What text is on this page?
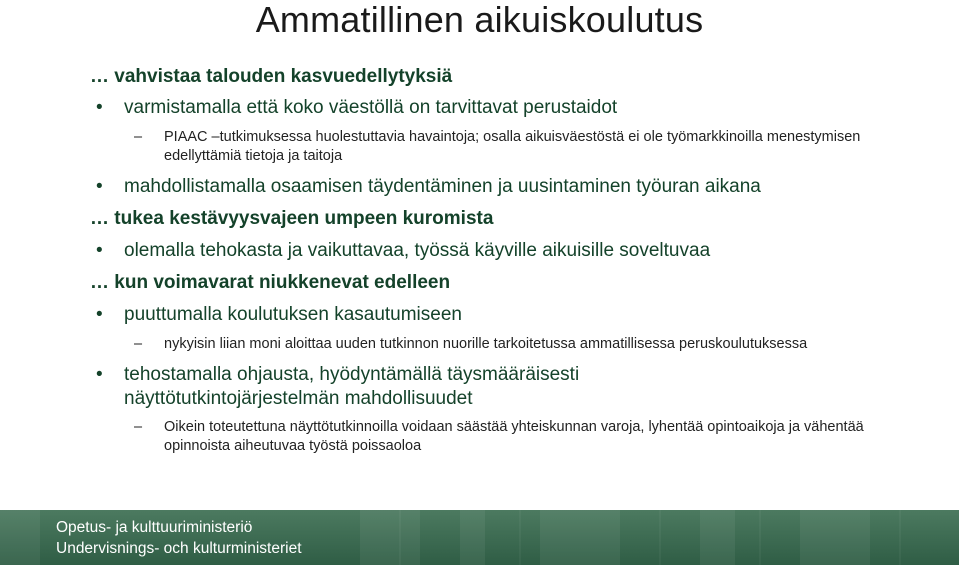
Ammatillinen aikuiskoulutus
… vahvistaa talouden kasvuedellytyksiä
• varmistamalla että koko väestöllä on tarvittavat perustaidot
– PIAAC –tutkimuksessa huolestuttavia havaintoja; osalla aikuisväestöstä ei ole työmarkkinoilla menestymisen edellyttämiä tietoja ja taitoja
• mahdollistamalla osaamisen täydentäminen ja uusintaminen työuran aikana
… tukea kestävyysvajeen umpeen kuromista
• olemalla tehokasta ja vaikuttavaa, työssä käyville aikuisille soveltuvaa
… kun voimavarat niukkenevat edelleen
• puuttumalla koulutuksen kasautumiseen
– nykyisin liian moni aloittaa uuden tutkinnon nuorille tarkoitetussa ammatillisessa peruskoulutuksessa
• tehostamalla ohjausta, hyödyntämällä täysmääräisesti näyttötutkintojärjestelmän mahdollisuudet
– Oikein toteutettuna näyttötutkinnoilla voidaan säästää yhteiskunnan varoja, lyhentää opintoaikoja ja vähentää opinnoista aiheutuvaa työstä poissaoloa
Opetus- ja kulttuuriministeriö
Undervisnings- och kulturministeriet
